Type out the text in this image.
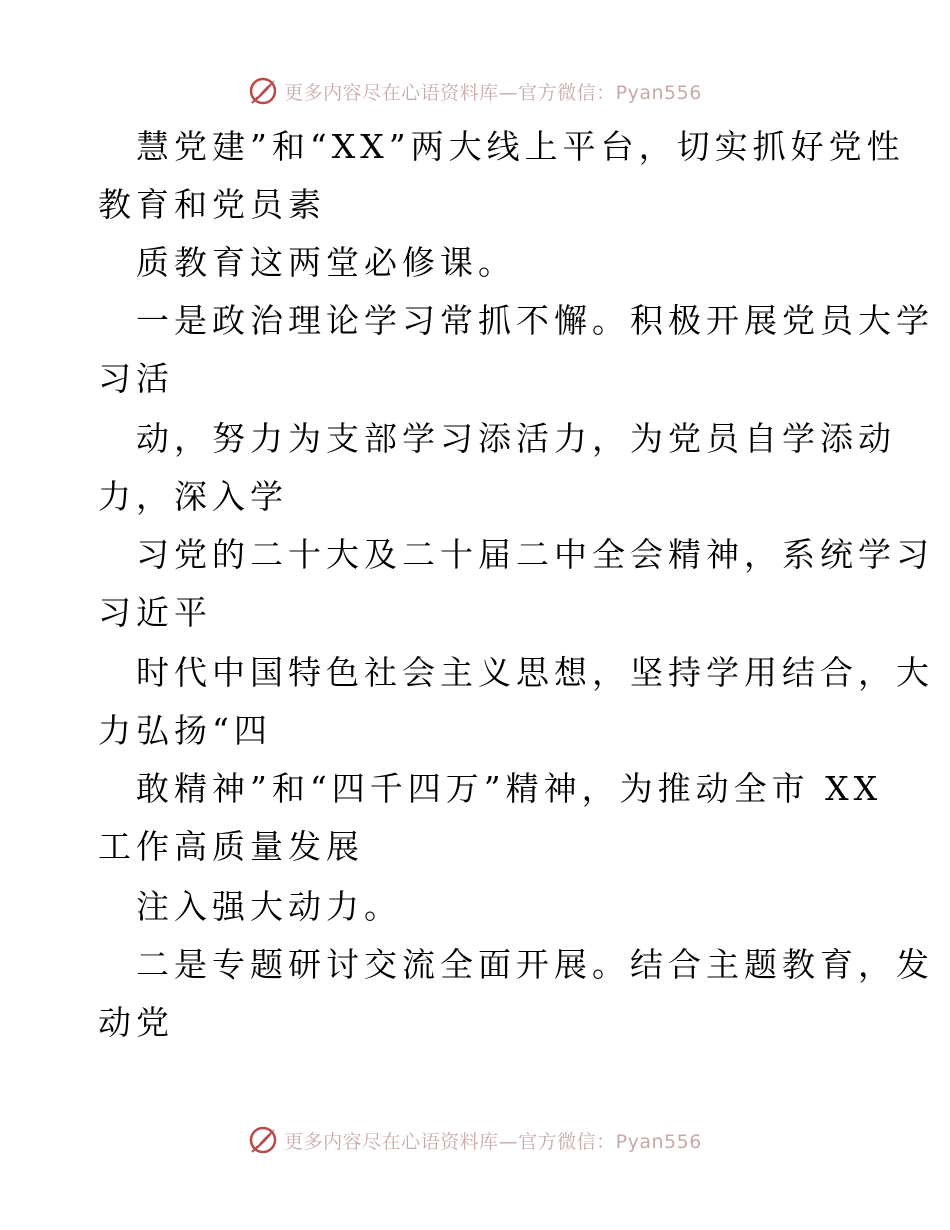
更多内容尽在心语资料库—官方微信：Pyan556
慧党建”和“XX”两大线上平台，切实抓好党性
教育和党员素
质教育这两堂必修课。
一是政治理论学习常抓不懈。积极开展党员大学
习活
动，努力为支部学习添活力，为党员自学添动
力，深入学
习党的二十大及二十届二中全会精神，系统学习
习近平
时代中国特色社会主义思想，坚持学用结合，大
力弘扬“四
敢精神”和“四千四万”精神，为推动全市 XX
工作高质量发展
注入强大动力。
二是专题研讨交流全面开展。结合主题教育，发
动党
更多内容尽在心语资料库—官方微信：Pyan556
